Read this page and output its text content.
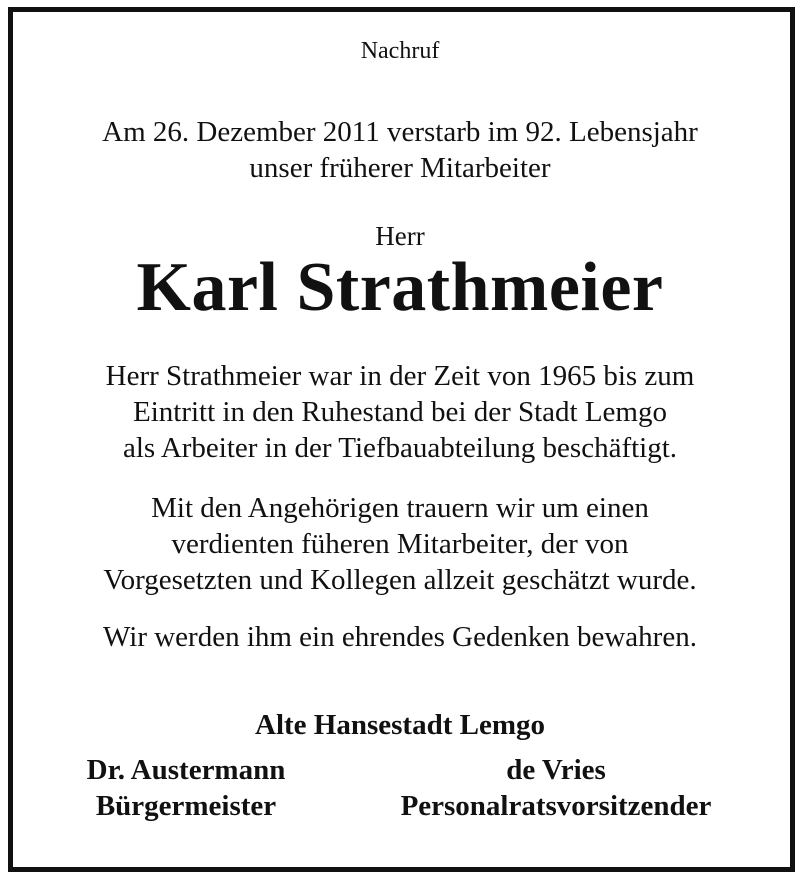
Nachruf

Am 26. Dezember 2011 verstarb im 92. Lebensjahr
unser früherer Mitarbeiter

Herr

Karl Strathmeier

Herr Strathmeier war in der Zeit von 1965 bis zum
Eintritt in den Ruhestand bei der Stadt Lemgo
als Arbeiter in der Tiefbauabteilung beschäftigt.
Mit den Angehörigen trauern wir um einen
verdienten füheren Mitarbeiter, der von
Vorgesetzten und Kollegen allzeit geschätzt wurde.

Wir werden ihm ein ehrendes Gedenken bewahren.

Alte Hansestadt Lemgo

Dr. Austermann
Bürgermeister
de Vries
Personalratsvorsitzender
